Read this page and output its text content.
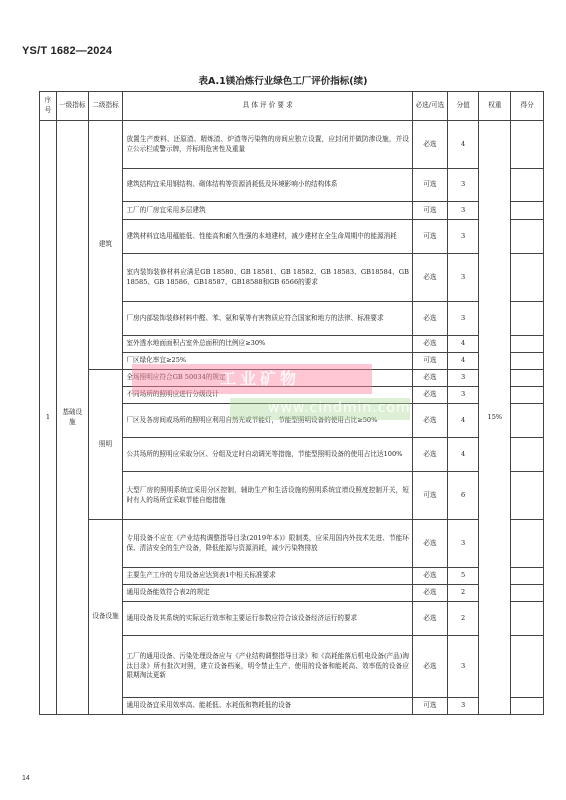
YS/T 1682—2024
表A.1镁冶炼行业绿色工厂评价指标(续)
序号	一级指标	二级指标	具 体 评 价 要 求	必选/可选	分值	权重	得分
1	基础设施	建筑	放置生产废料、还原渣、精炼渣、炉渣等污染物的房间应独立设置，应封闭并做防渗设施，并设立公示栏或警示牌，并标明危害性及重量	必选	4	15%	
			建筑结构宜采用钢结构、砌体结构等资源消耗低及环境影响小的结构体系	可选	3		
			工厂的厂房宜采用多层建筑	可选	3		
			建筑材料宜选用蕴能低、性能高和耐久性强的本地建材，减少建材在全生命周期中的能源消耗	可选	3		
			室内装饰装修材料应满足GB 18580、GB 18581、GB 18582、GB 18583、GB18584、GB 18585、GB 18586、GB18587、GB18588和GB 6566的要求	必选	3		
			厂房内部装饰装修材料中醛、苯、氨和氡等有害物质应符合国家和地方的法律、标准要求	必选	3		
			室外透水地面面积占室外总面积的比例应≥30%	必选	4		
			厂区绿化率宜≥25%	可选	4		
		照明	全场照明应符合GB 50034的规定	必选	3		
			不同场所的照明应进行分级设计	必选	3		
			厂区及各房间或场所的照明应利用自然光或节能灯，节能型照明设备的使用占比≥50%	必选	4		
			公共场所的照明应采取分区、分组及定时自动调光等措施，节能型照明设备的使用占比达100%	必选	4		
			大型厂房的照明系统宜采用分区控制，辅助生产和生活设施的照明系统宜增设照度控制开关，短时有人的场所宜采取节能自熄措施	可选	6		
		设备设施	专用设备不应在《产业结构调整指导目录(2019年本)》限制类，应采用国内外技术先进、节能环保、清洁安全的生产设备，降低能源与资源消耗，减少污染物排放	必选	3		
			主要生产工序的专用设备应达到表1中相关标准要求	必选	5		
			通用设备能效符合表2的规定	必选	2		
			通用设备及其系统的实际运行效率和主要运行参数应符合该设备经济运行的要求	必选	2		
			工厂的通用设备、污染处理设备应与《产业结构调整指导目录》和《高耗能落后机电设备(产品)淘汰目录》所有批次对照，建立设备档案，明令禁止生产、使用的设备和能耗高、效率低的设备应限期淘汰更新	必选	3		
			通用设备宜采用效率高、能耗低、水耗低和物耗低的设备	可选	3		
工业矿物
www.cindmin.com
14
